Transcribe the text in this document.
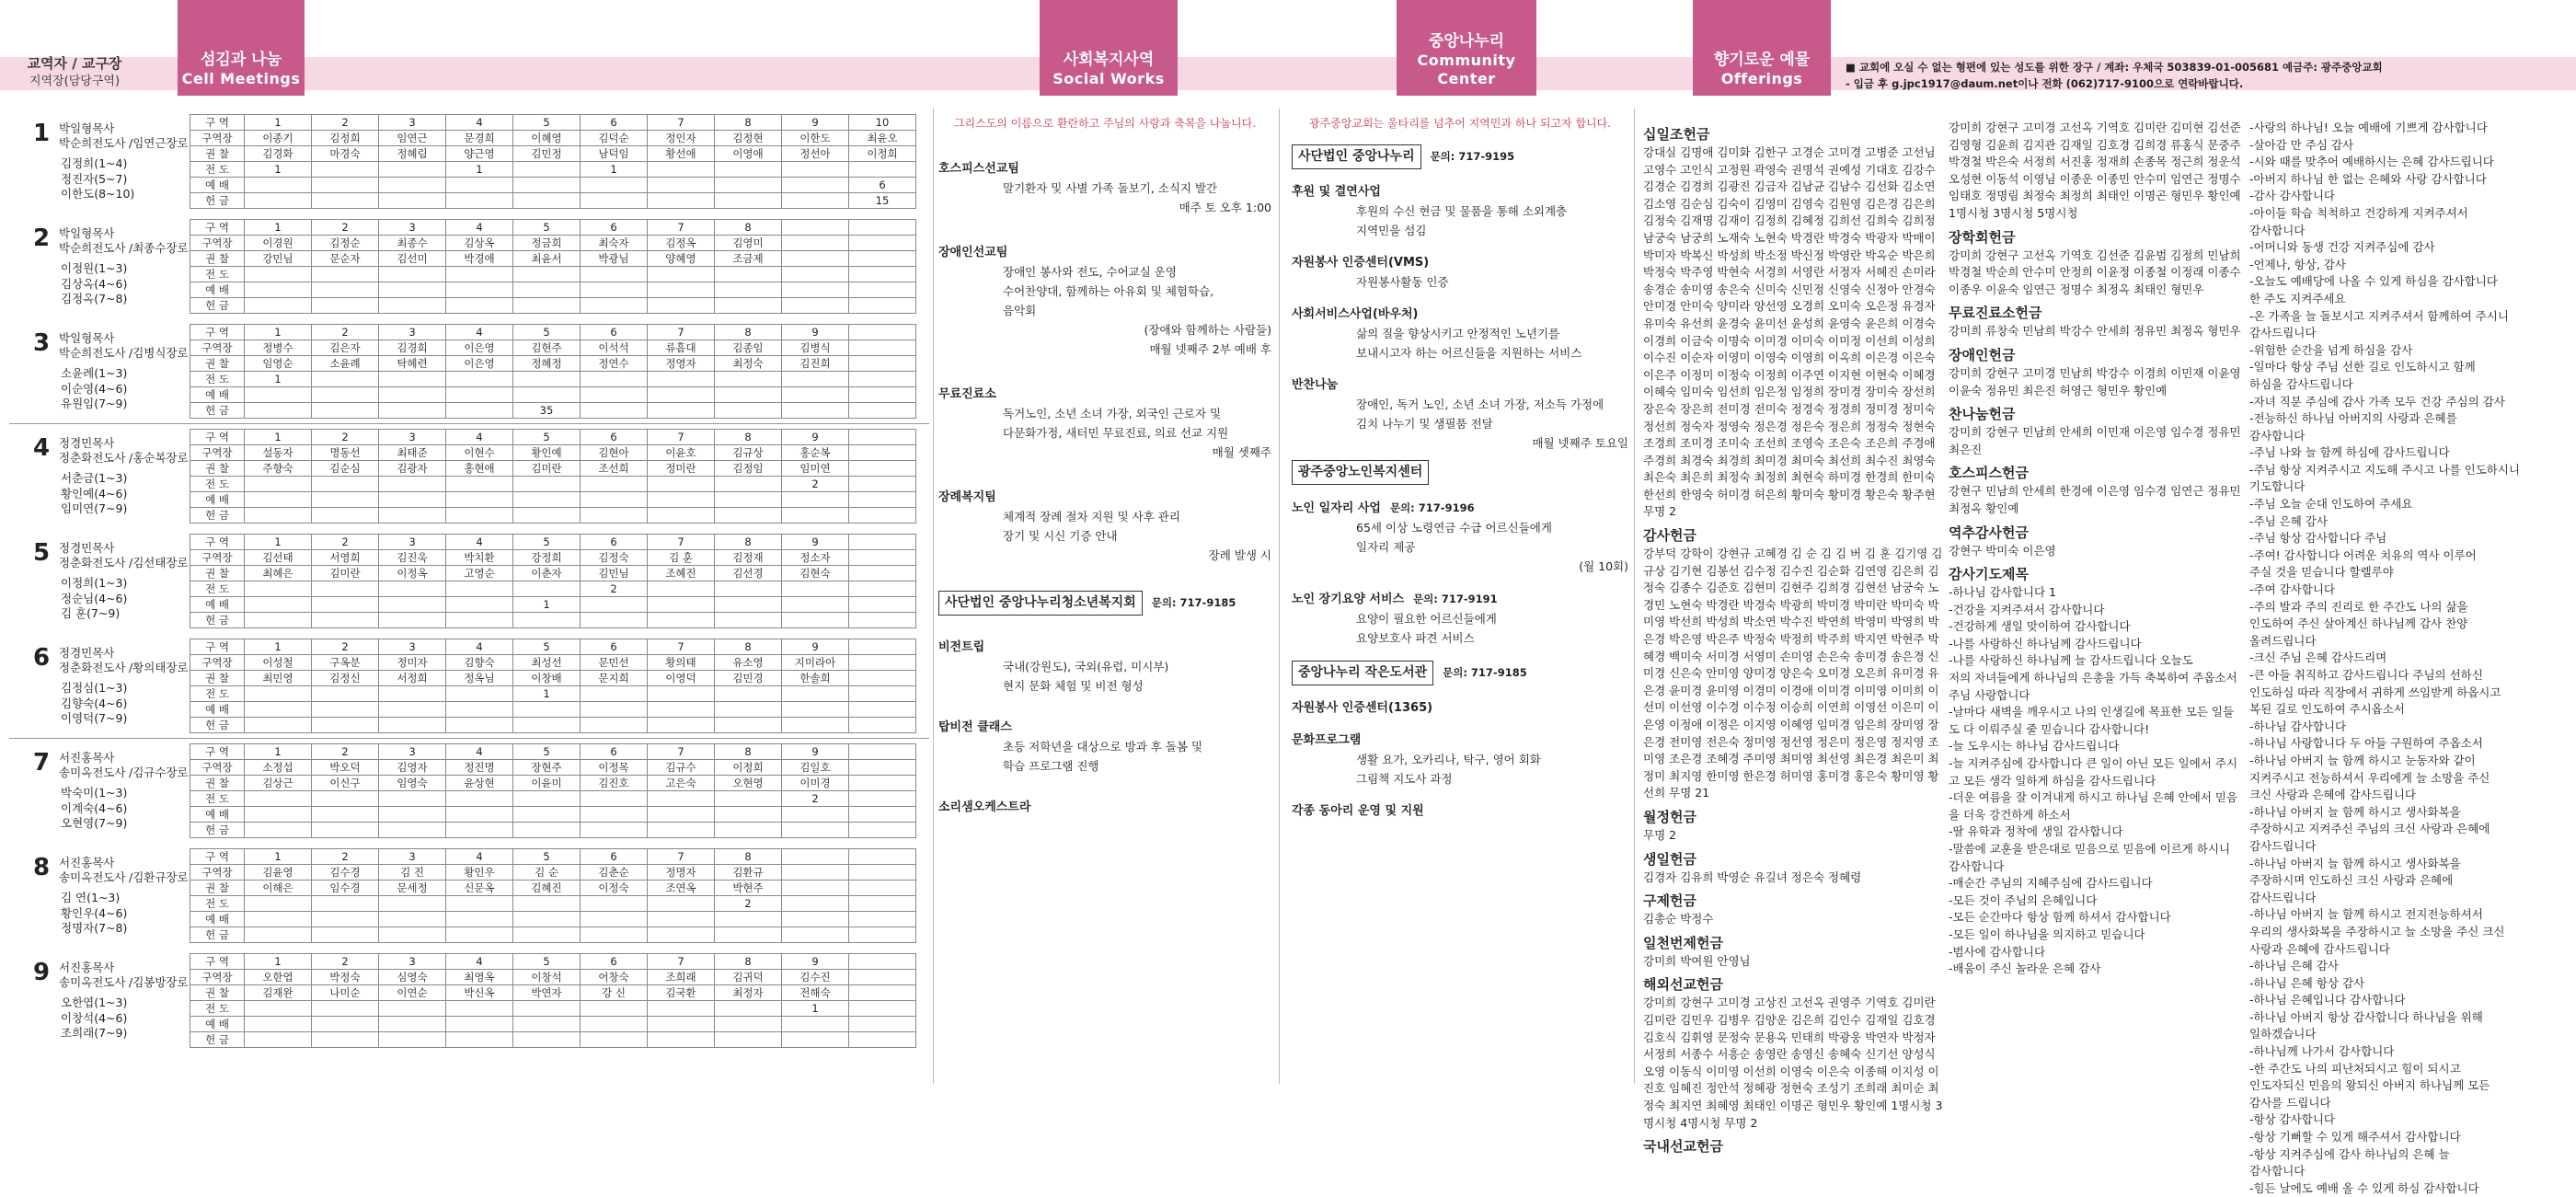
교역자 / 교구장
지역장(담당구역)
섬김과 나눔
Cell Meetings
사회복지사역
Social Works
중앙나누리
Community Center
향기로운 예물
Offerings
■ 교회에 오실 수 없는 형편에 있는 성도를 위한 장구 / 계좌: 우체국 503839-01-005681 예금주: 광주중앙교회
- 입금 후 g.jpc1917@daum.net이나 전화 (062)717-9100으로 연락바랍니다.
1 박일형목사
박순희전도사 /임연근장로
김정희(1~4)
정진자(5~7)
이한도(8~10)
구 역	1	2	3	4	5	6	7	8	9	10
구역장	이종기	김정희	임연근	문경희	이혜영	김덕순	정인자	김정현	이한도	최윤오
권 찰	김경화	마경숙	정혜림	양근영	김민정	남덕임	황선애	이영애	정선아	이정희
전 도	1			1		1				
예 배										6
헌 금										15
2 박일형목사
박순희전도사 /최종수장로
이정원(1~3)
김상옥(4~6)
김정옥(7~8)
구 역	1	2	3	4	5	6	7	8		
구역장	이경원	김정순	최종수	김상옥	정금희	최숙자	김정옥	김영미		
권 찰	강민님	문순자	김선미	박경애	최윤서	박광님	양혜영	조금제		
전 도										
예 배										
헌 금										
3 박일형목사
박순희전도사 /김병식장로
소윤례(1~3)
이순영(4~6)
유원임(7~9)
구 역	1	2	3	4	5	6	7	8	9	
구역장	정병수	김은자	김경희	이은영	김현주	이석석	류흠대	김종임	김병식	
권 찰	임영순	소윤례	탁혜련	이은영	정혜정	정연수	정영자	최정숙	김진희	
전 도	1									
예 배										
헌 금					35					
4 정경민목사
정춘화전도사 /홍순복장로
서춘금(1~3)
황인예(4~6)
임미연(7~9)
구 역	1	2	3	4	5	6	7	8	9	
구역장	설동자	명동선	최태준	이현수	황인예	김현아	이윤호	김규상	홍순복	
권 찰	주향숙	김순심	김광자	홍현애	김미란	조선희	정미란	김정임	임미연	
전 도									2	
예 배										
헌 금										
5 정경민목사
정춘화전도사 /김선태장로
이정희(1~3)
정순님(4~6)
김 훈(7~9)
구 역	1	2	3	4	5	6	7	8	9	
구역장	김선태	서영희	김진욱	박치환	강정희	김정숙	김 훈	김정재	정소자	
권 찰	최혜은	김미란	이정옥	고영순	이춘자	김민님	조혜진	김선경	김현숙	
전 도						2				
예 배					1					
헌 금										
6 정경민목사
정춘화전도사 /황의태장로
김정심(1~3)
김향숙(4~6)
이영덕(7~9)
구 역	1	2	3	4	5	6	7	8	9	
구역장	이성철	구옥분	정미자	김향숙	최성선	문민선	황의태	유소영	지미라아	
권 찰	최민영	김정신	서정희	정옥님	이창배	문지희	이영덕	김민경	한솔희	
전 도					1					
예 배										
헌 금										
7 서진홍목사
송미옥전도사 /김규수장로
박숙미(1~3)
이계숙(4~6)
오현영(7~9)
구 역	1	2	3	4	5	6	7	8	9	
구역장	소정섭	박오덕	김영자	정진명	장현주	이정목	김규수	이정희	김일호	
권 찰	김상근	이신구	임영숙	윤상현	이윤미	김진호	고은숙	오현영	이미경	
전 도									2	
예 배										
헌 금										
8 서진홍목사
송미옥전도사 /김환규장로
김 연(1~3)
황인우(4~6)
정명자(7~8)
구 역	1	2	3	4	5	6	7	8		
구역장	김윤영	김수경	김 진	황인우	김 순	김춘순	정명자	김환규		
권 찰	이해은	임수경	문세정	신문옥	김혜진	이정숙	조연옥	박현주		
전 도								2		
예 배										
헌 금										
9 서진홍목사
송미옥전도사 /김봉방장로
오한엽(1~3)
이창석(4~6)
조희래(7~9)
구 역	1	2	3	4	5	6	7	8	9	
구역장	오한엽	박정숙	심영숙	최영옥	이창석	어창숙	조희래	김귀덕	김수진	
권 찰	김재완	나미순	이연순	박신옥	박연자	강 신	김국환	최정자	전해숙	
전 도									1	
예 배										
헌 금										
그리스도의 이름으로 환란하고 주님의 사랑과 축복을 나눕니다.
호스피스선교팀
말기환자 및 사별 가족 돌보기, 소식지 발간
매주 토 오후 1:00
장애인선교팀
장애인 봉사와 전도, 수어교실 운영
수어찬양대, 함께하는 아유회 및 체험학습,
음악회
(장애와 함께하는 사람들)
매월 넷째주 2부 예배 후
무료진료소
독거노인, 소년 소녀 가장, 외국인 근로자 및
다문화가정, 새터민 무료진료, 의료 선교 지원
매월 셋째주
장례복지팀
체계적 장례 절차 지원 및 사후 관리
장기 및 시신 기증 안내
장례 발생 시
사단법인 중앙나누리청소년복지회 문의: 717-9185
비전트립
국내(강원도), 국외(유럽, 미시부)
현지 문화 체험 및 비전 형성
탑비전 클래스
초등 저학년을 대상으로 방과 후 돌봄 및
학습 프로그램 진행
소리샘오케스트라
광주중앙교회는 울타리를 넘추어 지역민과 하나 되고자 합니다.
사단법인 중앙나누리 문의: 717-9195
후원 및 결연사업
후원의 수신 현금 및 물품을 통해 소외계층
지역민을 섬김
자원봉사 인증센터(VMS)
자원봉사활동 인증
사회서비스사업(바우처)
삶의 질을 향상시키고 안정적인 노년기를
보내시고자 하는 어르신들을 지원하는 서비스
반찬나눔
장애인, 독거 노인, 소년 소녀 가장, 저소득 가정에
김치 나누기 및 생필품 전달
매월 넷째주 토요일
광주중앙노인복지센터
노인 일자리 사업 문의: 717-9196
65세 이상 노령연금 수급 어르신들에게
일자리 제공
(월 10회)
노인 장기요양 서비스 문의: 717-9191
요양이 필요한 어르신들에게
요양보호사 파견 서비스
중앙나누리 작은도서관 문의: 717-9185
자원봉사 인증센터(1365)
문화프로그램
생활 요가, 오카리나, 탁구, 영어 회화
그림책 지도사 과정
각종 동아리 운영 및 지원
십일조헌금
강대실 김명애 김미화 김한구 고경순 고미경 고병준 고선님 고영수 고인식 고정원 곽영숙 권명석 권예성 기대호 김강수 김경순 김경희 김광진 김금자 김남균 김남수 김선화 김소연 김소영 김순심 김숙이 김영미 김영숙 김원영 김은경 김은희 김정숙 김재명 김재이 김정희 김혜정 김희선 김희숙 김희정 남궁숙 남궁희 노재숙 노현숙 박경란 박경숙 박광자 박매이 박미자 박복신 박성희 박소정 박신정 박영란 박옥순 박은희 박정숙 박주영 박현숙 서경희 서영란 서정자 서혜진 손미라 송경순 송미영 송은숙 신미숙 신민정 신영숙 신정아 안경숙 안미경 안미숙 양미라 양선영 오경희 오미숙 오은정 유경자 유미숙 유선희 윤경숙 윤미선 윤성희 윤영숙 윤은희 이경숙 이경희 이금숙 이명숙 이미경 이미숙 이미정 이선희 이성희 이수진 이순자 이영미 이영숙 이영희 이옥희 이은경 이은숙 이은주 이정미 이정숙 이정희 이주연 이지현 이현숙 이혜경 이혜숙 임미숙 임선희 임은정 임정희 장미경 장미숙 장선희 장은숙 장은희 전미경 전미숙 정경숙 정경희 정미경 정미숙 정선희 정숙자 정영숙 정은경 정은숙 정은희 정정숙 정현숙 조경희 조미경 조미숙 조선희 조영숙 조은숙 조은희 주경애 주경희 최경숙 최경희 최미경 최미숙 최선희 최수진 최영숙 최은숙 최은희 최정숙 최정희 최현숙 하미경 한경희 한미숙 한선희 한영숙 허미경 허은희 황미숙 황미경 황은숙 황주현 무명 2
감사헌금
강부덕 강학이 강현규 고혜경 김 순 김 김 버 김 훈 김기영 김규상 김기현 김봉선 김수정 김수진 김순화 김연영 김은희 김정숙 김종수 김준호 김현미 김현주 김희경 김현선 남궁숙 노경민 노현숙 박경란 박경숙 박광희 박미경 박미란 박미숙 박미영 박선희 박성희 박소연 박수진 박연희 박영미 박영희 박은경 박은영 박은주 박정숙 박정희 박주희 박지연 박현주 박혜경 백미숙 서미경 서영미 손미영 손은숙 송미경 송은경 신미경 신은숙 안미영 양미경 양은숙 오미경 오은희 유미경 유은경 윤미경 윤미영 이경미 이경애 이미경 이미영 이미희 이선미 이선영 이수경 이수정 이승희 이연희 이영선 이은미 이은영 이정애 이정은 이지영 이혜영 임미경 임은희 장미영 장은경 전미영 전은숙 정미영 정선영 정은미 정은영 정지영 조미영 조은경 조혜경 주미영 최미영 최선영 최은경 최은미 최정미 최지영 한미영 한은경 허미영 홍미경 홍은숙 황미영 황선희 무명 21
월정헌금
무명 2
생일헌금
김경자 김유희 박영순 유길녀 정은숙 정혜령
구제헌금
김총순 박정수
일천번제헌금
강미희 박여원 안영님
해외선교헌금
강미희 강현구 고미경 고상진 고선옥 권영주 기역호 김미란 김미란 김민우 김병우 김양운 김은희 김인수 김재일 김호경 김호식 김휘영 문정숙 문용옥 민태희 박광웅 박연자 박정자 서정희 서종수 서흥순 송영란 송영신 송혜숙 신기선 양성식 오영 이동식 이미영 이선희 이영숙 이은숙 이종해 이지성 이진호 임혜진 정안석 정혜광 정현숙 조성기 조희래 최미순 최정숙 최지연 최혜영 최태인 이명곤 형민우 황인예 1명시청 3명시청 4명시청 무명 2
국내선교헌금
강미희 강현구 고미경 고선옥 기역호 김미란 김미현 김선준 김영형 김윤희 김지관 김재일 김호경 김희경 류홍식 문중주 박경철 박은숙 서정희 서진홍 정재희 손종목 정근희 정운석 오성현 이동석 이영님 이종운 이종민 안수미 임연근 정명수 임태호 정명림 최정숙 최정희 최태인 이명곤 형민우 황인예 1명시청 3명시청 5명시청
장학회헌금
강미희 강현구 고선옥 기역호 김선준 김윤범 김정희 민남희 박경철 박순희 안수미 안정희 이윤정 이종철 이정래 이종수 이종우 이윤숙 임연근 정명수 최정옥 최태인 형민우
무료진료소헌금
강미희 류창숙 민남희 박강수 안세희 정유민 최정옥 형민우
장애인헌금
강미희 강현구 고미경 민남희 박강수 이경희 이민재 이윤영 이윤숙 정유민 최은진 허영근 형민우 황인예
찬나눔헌금
강미희 강현구 민남희 안세희 이민재 이은영 임수경 정유민 최은진
호스피스헌금
강현구 민남희 안세희 한경애 이은영 임수경 임연근 정유민 최정옥 황인예
역추감사헌금
강현구 박미숙 이은영
감사기도제목
-하나님 감사합니다 1
-건강을 지켜주셔서 감사합니다
-건강하게 생일 맞이하여 감사합니다
-나를 사랑하신 하나님께 감사드립니다
-나를 사랑하신 하나님께 늘 감사드립니다 오늘도
저의 자녀들에게 하나님의 은총을 가득 축복하여 주옵소서 주님 사랑합니다
-날마다 새벽을 깨우시고 나의 인생길에 목표한 모든 일들도 다 이뤄주실 줄 믿습니다 감사합니다!
-늘 도우시는 하나님 감사드립니다
-늘 지켜주심에 감사합니다 큰 일이 아닌 모든 일에서 주시고 모든 생각 일하게 하심을 감사드립니다
-더운 여름을 잘 이겨내게 하시고 하나님 은혜 안에서 믿음을 더욱 강건하게 하소서
-딸 유학과 정착에 생일 감사합니다
-말씀에 교훈을 받은대로 믿음으로 믿음에 이르게 하시니 감사합니다
-매순간 주님의 지혜주심에 감사드립니다
-모든 것이 주님의 은혜입니다
-모든 순간마다 항상 함께 하셔서 감사합니다
-모든 일이 하나님을 의지하고 믿습니다
-범사에 감사합니다
-배움이 주신 놀라운 은혜 감사
-사랑의 하나님! 오늘 예배에 기쁘게 감사합니다
-살아감 만 주심 감사
-시와 때를 맞추어 예배하시는 은혜 감사드립니다
-아버지 하나님 한 없는 은혜와 사랑 감사합니다
-감사 감사합니다
-아이들 학습 척척하고 건강하게 지켜주셔서
감사합니다
-어머니와 동생 건강 지켜주심에 감사
-언제나, 항상, 감사
-오늘도 예배당에 나올 수 있게 하심을 감사합니다
한 주도 지켜주세요
-온 가족을 늘 돌보시고 지켜주셔서 함께하여 주시니
감사드립니다
-위험한 순간을 넘게 하심을 감사
-일마다 항상 주님 선한 길로 인도하시고 함께
하심을 감사드립니다
-자녀 직분 주심에 감사 가족 모두 건강 주심의 감사
-전능하신 하나님 아버지의 사랑과 은혜를
감사합니다
-주님 나와 늘 함께 하심에 감사드립니다
-주님 항상 지켜주시고 지도해 주시고 나를 인도하시니
기도합니다
-주님 오늘 순대 인도하여 주세요
-주님 은혜 감사
-주님 항상 감사합니다 주님
-주여! 감사합니다 어려운 치유의 역사 이루어
주실 것을 믿습니다 할렐루야
-주여 감사합니다
-주의 발과 주의 진리로 한 주간도 나의 삶을
인도하여 주신 살아계신 하나님께 감사 찬양
올려드립니다
-크신 주님 은혜 감사드리며
-큰 아들 취직하고 감사드립니다 주님의 선하신
인도하심 따라 직장에서 귀하게 쓰임받게 하옵시고
복된 길로 인도하여 주시옵소서
-하나님 감사합니다
-하나님 사랑합니다 두 아들 구원하여 주옵소서
-하나님 아버지 늘 함께 하시고 눈동자와 같이
지켜주시고 전능하셔서 우리에게 늘 소망을 주신
크신 사랑과 은혜에 감사드립니다
-하나님 아버지 늘 함께 하시고 생사화복을
주장하시고 지켜주신 주님의 크신 사랑과 은혜에
감사드립니다
-하나님 아버지 늘 함께 하시고 생사화복을
주장하시며 인도하신 크신 사랑과 은혜에
감사드립니다
-하나님 아버지 늘 함께 하시고 전지전능하셔서
우리의 생사화복을 주장하시고 늘 소망을 주신 크신
사랑과 은혜에 감사드립니다
-하나님 은혜 감사
-하나님 은혜 항상 감사
-하나님 은혜입니다 감사합니다
-하나님 아버지 항상 감사합니다 하나님을 위해
일하겠습니다
-하나님께 나가서 감사합니다
-한 주간도 나의 피난처되시고 힘이 되시고
인도자되신 민음의 왕되신 아버지 하나님께 모든
감사를 드립니다
-항상 감사합니다
-항상 기뻐할 수 있게 해주셔서 감사합니다
-항상 지켜주심에 감사 하나님의 은혜 늘
감사합니다
-힘든 날에도 예배 올 수 있게 하심 감사합니다
